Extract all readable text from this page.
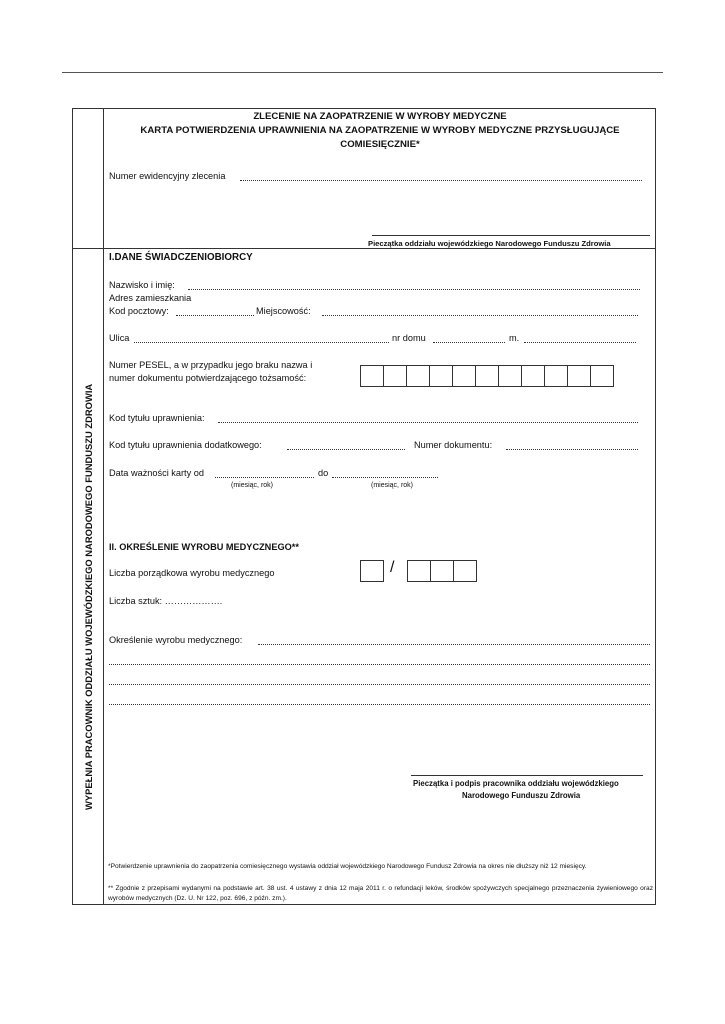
ZLECENIE NA ZAOPATRZENIE W WYROBY MEDYCZNE
KARTA POTWIERDZENIA UPRAWNIENIA NA ZAOPATRZENIE W WYROBY MEDYCZNE PRZYSŁUGUJĄCE
COMIESIĘCZNIE*
Numer ewidencyjny zlecenia
Pieczątka oddziału wojewódzkiego Narodowego Funduszu Zdrowia
WYPEŁNIA PRACOWNIK ODDZIAŁU WOJEWÓDZKIEGO NARODOWEGO FUNDUSZU ZDROWIA
I.DANE ŚWIADCZENIOBIORCY
Nazwisko i imię:
Adres zamieszkania
Kod pocztowy:	Miejscowość:
Ulica	nr domu	m.
Numer PESEL, a w przypadku jego braku nazwa i
numer dokumentu potwierdzającego tożsamość:
Kod tytułu uprawnienia:
Kod tytułu uprawnienia dodatkowego:	Numer dokumentu:
Data ważności karty od	do
(miesiąc, rok)	(miesiąc, rok)
II. OKREŚLENIE WYROBU MEDYCZNEGO**
Liczba porządkowa wyrobu medycznego	/
Liczba sztuk: ……………….
Określenie wyrobu medycznego:
Pieczątka i podpis pracownika oddziału wojewódzkiego
Narodowego Funduszu Zdrowia
*Potwierdzenie uprawnienia do zaopatrzenia comiesięcznego wystawia oddział wojewódzkiego Narodowego Fundusz Zdrowia na okres nie dłuższy niż 12 miesięcy.
** Zgodnie z przepisami wydanymi na podstawie art. 38 ust. 4 ustawy z dnia 12 maja 2011 r. o refundacji leków, środków spożywczych specjalnego przeznaczenia żywieniowego oraz wyrobów medycznych (Dz. U. Nr 122, poz. 696, z późn. zm.).
